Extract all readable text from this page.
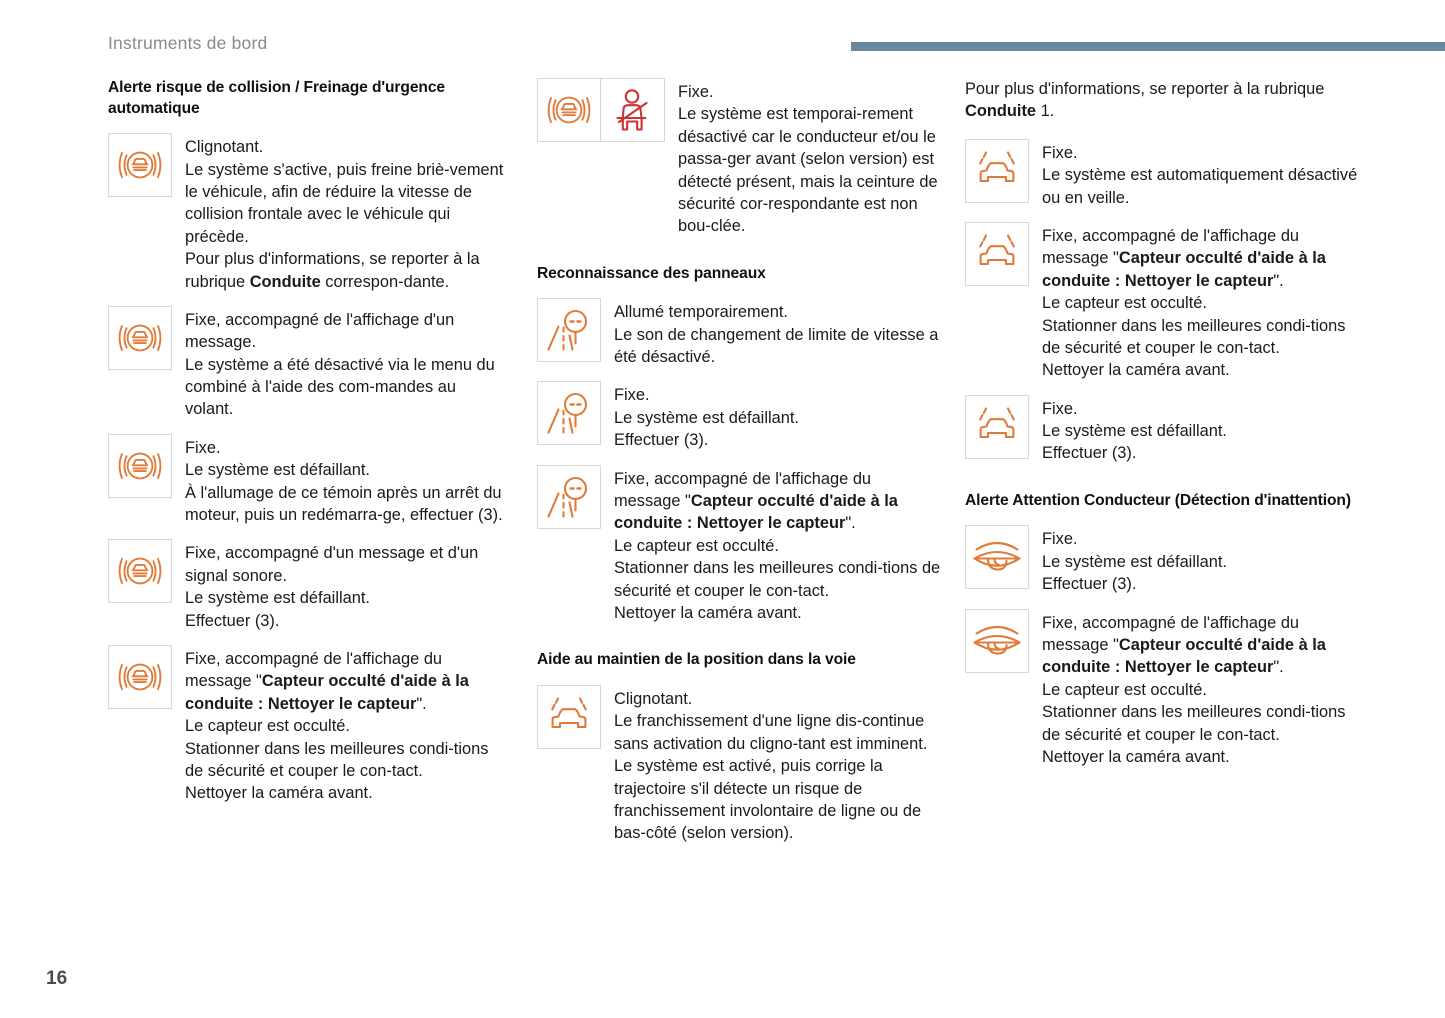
Instruments de bord
16
Alerte risque de collision / Freinage d'urgence automatique
Clignotant.
Le système s'active, puis freine briè-vement le véhicule, afin de réduire la vitesse de collision frontale avec le véhicule qui précède.
Pour plus d'informations, se reporter à la rubrique Conduite correspon-dante.
Fixe, accompagné de l'affichage d'un message.
Le système a été désactivé via le menu du combiné à l'aide des com-mandes au volant.
Fixe.
Le système est défaillant.
À l'allumage de ce témoin après un arrêt du moteur, puis un redémarra-ge, effectuer (3).
Fixe, accompagné d'un message et d'un signal sonore.
Le système est défaillant.
Effectuer (3).
Fixe, accompagné de l'affichage du message "Capteur occulté d'aide à la conduite : Nettoyer le capteur".
Le capteur est occulté.
Stationner dans les meilleures condi-tions de sécurité et couper le con-tact.
Nettoyer la caméra avant.
Fixe.
Le système est temporai-rement désactivé car le conducteur et/ou le passa-ger avant (selon version) est détecté présent, mais la ceinture de sécurité cor-respondante est non bou-clée.
Reconnaissance des panneaux
Allumé temporairement.
Le son de changement de limite de vitesse a été désactivé.
Fixe.
Le système est défaillant.
Effectuer (3).
Fixe, accompagné de l'affichage du message "Capteur occulté d'aide à la conduite : Nettoyer le capteur".
Le capteur est occulté.
Stationner dans les meilleures condi-tions de sécurité et couper le con-tact.
Nettoyer la caméra avant.
Aide au maintien de la position dans la voie
Clignotant.
Le franchissement d'une ligne dis-continue sans activation du cligno-tant est imminent.
Le système est activé, puis corrige la trajectoire s'il détecte un risque de franchissement involontaire de ligne ou de bas-côté (selon version).
Pour plus d'informations, se reporter à la rubrique Conduite 1.
Fixe.
Le système est automatiquement désactivé ou en veille.
Fixe, accompagné de l'affichage du message "Capteur occulté d'aide à la conduite : Nettoyer le capteur".
Le capteur est occulté.
Stationner dans les meilleures condi-tions de sécurité et couper le con-tact.
Nettoyer la caméra avant.
Fixe.
Le système est défaillant.
Effectuer (3).
Alerte Attention Conducteur (Détection d'inattention)
Fixe.
Le système est défaillant.
Effectuer (3).
Fixe, accompagné de l'affichage du message "Capteur occulté d'aide à la conduite : Nettoyer le capteur".
Le capteur est occulté.
Stationner dans les meilleures condi-tions de sécurité et couper le con-tact.
Nettoyer la caméra avant.
